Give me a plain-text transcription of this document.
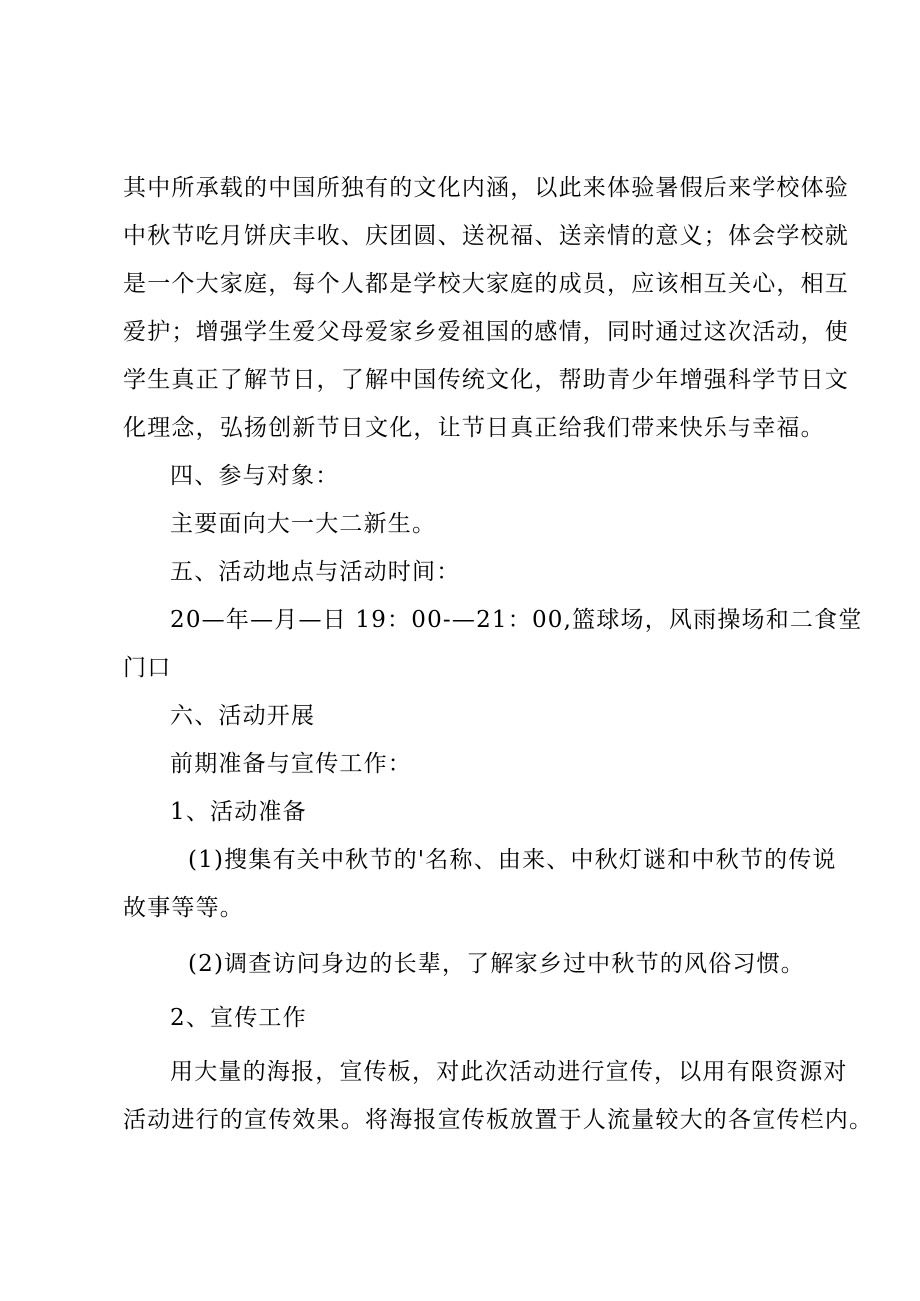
其中所承载的中国所独有的文化内涵，以此来体验暑假后来学校体验
中秋节吃月饼庆丰收、庆团圆、送祝福、送亲情的意义；体会学校就
是一个大家庭，每个人都是学校大家庭的成员，应该相互关心，相互
爱护；增强学生爱父母爱家乡爱祖国的感情，同时通过这次活动，使
学生真正了解节日，了解中国传统文化，帮助青少年增强科学节日文
化理念，弘扬创新节日文化，让节日真正给我们带来快乐与幸福。
四、参与对象：
主要面向大一大二新生。
五、活动地点与活动时间：
20—年—月—日 19：00-—21：00,篮球场，风雨操场和二食堂
门口
六、活动开展
前期准备与宣传工作：
1、活动准备
(1)搜集有关中秋节的'名称、由来、中秋灯谜和中秋节的传说
故事等等。
(2)调查访问身边的长辈，了解家乡过中秋节的风俗习惯。
2、宣传工作
用大量的海报，宣传板，对此次活动进行宣传，以用有限资源对
活动进行的宣传效果。将海报宣传板放置于人流量较大的各宣传栏内。
